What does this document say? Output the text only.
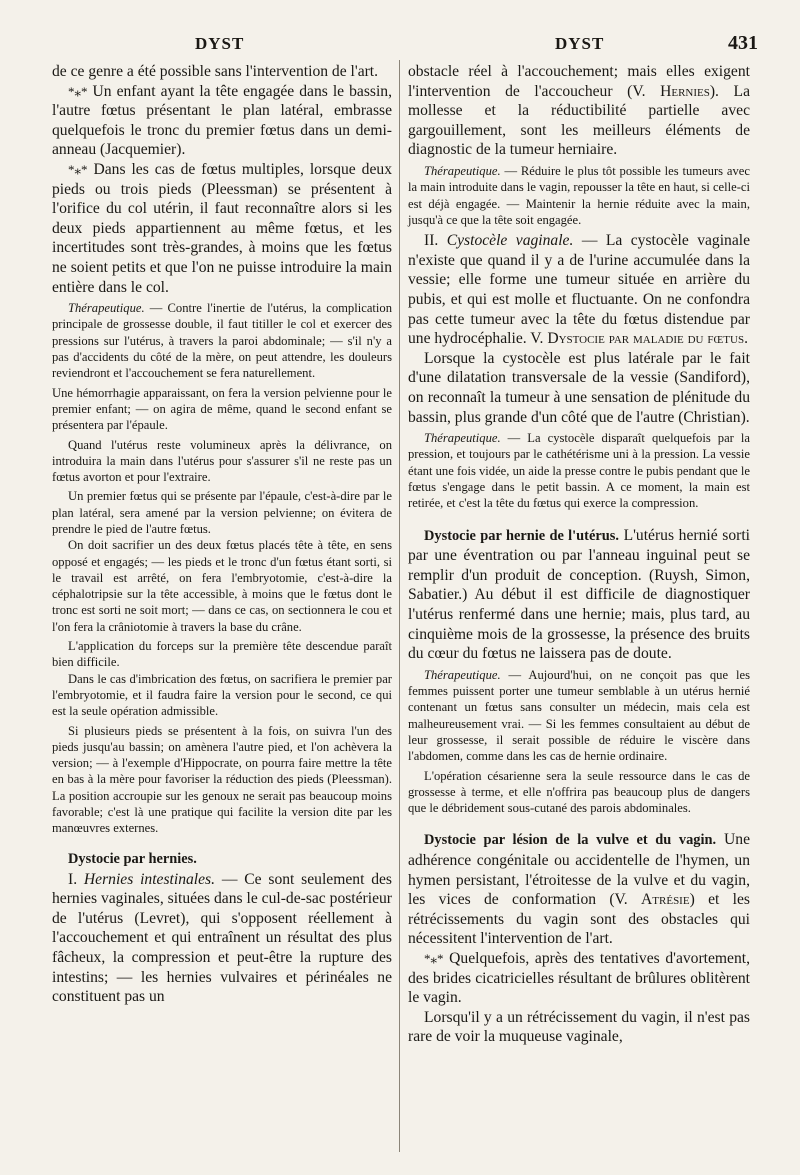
DYST	DYST	431

de ce genre a été possible sans l'intervention de l'art.

*⁎* Un enfant ayant la tête engagée dans le bassin, l'autre fœtus présentant le plan latéral, embrasse quelquefois le tronc du premier fœtus dans un demi-anneau (Jacquemier).

*⁎* Dans les cas de fœtus multiples, lorsque deux pieds ou trois pieds (Pleessman) se présentent à l'orifice du col utérin, il faut reconnaître alors si les deux pieds appartiennent au même fœtus, et les incertitudes sont très-grandes, à moins que les fœtus ne soient petits et que l'on ne puisse introduire la main entière dans le col.

Thérapeutique. — Contre l'inertie de l'utérus, la complication principale de grossesse double, il faut titiller le col et exercer des pressions sur l'utérus, à travers la paroi abdominale; — s'il n'y a pas d'accidents du côté de la mère, on peut attendre, les douleurs reviendront et l'accouchement se fera naturellement.

Une hémorrhagie apparaissant, on fera la version pelvienne pour le premier enfant; — on agira de même, quand le second enfant se présentera par l'épaule.

Quand l'utérus reste volumineux après la délivrance, on introduira la main dans l'utérus pour s'assurer s'il ne reste pas un fœtus avorton et pour l'extraire.

Un premier fœtus qui se présente par l'épaule, c'est-à-dire par le plan latéral, sera amené par la version pelvienne; on évitera de prendre le pied de l'autre fœtus.

On doit sacrifier un des deux fœtus placés tête à tête, en sens opposé et engagés; — les pieds et le tronc d'un fœtus étant sorti, si le travail est arrêté, on fera l'embryotomie, c'est-à-dire la céphalotripsie sur la tête accessible, à moins que le fœtus dont le tronc est sorti ne soit mort; — dans ce cas, on sectionnera le cou et l'on fera la crâniotomie à travers la base du crâne.

L'application du forceps sur la première tête descendue paraît bien difficile.

Dans le cas d'imbrication des fœtus, on sacrifiera le premier par l'embryotomie, et il faudra faire la version pour le second, ce qui est la seule opération admissible.

Si plusieurs pieds se présentent à la fois, on suivra l'un des pieds jusqu'au bassin; on amènera l'autre pied, et l'on achèvera la version; — à l'exemple d'Hippocrate, on pourra faire mettre la tête en bas à la mère pour favoriser la réduction des pieds (Pleessman). La position accroupie sur les genoux ne serait pas beaucoup moins favorable; c'est là une pratique qui facilite la version dite par les manœuvres externes.

Dystocie par hernies.

I. Hernies intestinales. — Ce sont seulement des hernies vaginales, situées dans le cul-de-sac postérieur de l'utérus (Levret), qui s'opposent réellement à l'accouchement et qui entraînent un résultat des plus fâcheux, la compression et peut-être la rupture des intestins; — les hernies vulvaires et périnéales ne constituent pas un

obstacle réel à l'accouchement; mais elles exigent l'intervention de l'accoucheur (V. Hernies). La mollesse et la réductibilité partielle avec gargouillement, sont les meilleurs éléments de diagnostic de la tumeur herniaire.

Thérapeutique. — Réduire le plus tôt possible les tumeurs avec la main introduite dans le vagin, repousser la tête en haut, si celle-ci est déjà engagée. — Maintenir la hernie réduite avec la main, jusqu'à ce que la tête soit engagée.

II. Cystocèle vaginale. — La cystocèle vaginale n'existe que quand il y a de l'urine accumulée dans la vessie; elle forme une tumeur située en arrière du pubis, et qui est molle et fluctuante. On ne confondra pas cette tumeur avec la tête du fœtus distendue par une hydrocéphalie. V. Dystocie par maladie du fœtus.

Lorsque la cystocèle est plus latérale par le fait d'une dilatation transversale de la vessie (Sandiford), on reconnaît la tumeur à une sensation de plénitude du bassin, plus grande d'un côté que de l'autre (Christian).

Thérapeutique. — La cystocèle disparaît quelquefois par la pression, et toujours par le cathétérisme uni à la pression. La vessie étant une fois vidée, un aide la presse contre le pubis pendant que le fœtus s'engage dans le petit bassin. A ce moment, la main est retirée, et c'est la tête du fœtus qui exerce la compression.

Dystocie par hernie de l'utérus. L'utérus hernié sorti par une éventration ou par l'anneau inguinal peut se remplir d'un produit de conception. (Ruysh, Simon, Sabatier.) Au début il est difficile de diagnostiquer l'utérus renfermé dans une hernie; mais, plus tard, au cinquième mois de la grossesse, la présence des bruits du cœur du fœtus ne laissera pas de doute.

Thérapeutique. — Aujourd'hui, on ne conçoit pas que les femmes puissent porter une tumeur semblable à un utérus hernié contenant un fœtus sans consulter un médecin, mais cela est malheureusement vrai. — Si les femmes consultaient au début de leur grossesse, il serait possible de réduire le viscère dans l'abdomen, comme dans les cas de hernie ordinaire.

L'opération césarienne sera la seule ressource dans le cas de grossesse à terme, et elle n'offrira pas beaucoup plus de dangers que le débridement sous-cutané des parois abdominales.

Dystocie par lésion de la vulve et du vagin. Une adhérence congénitale ou accidentelle de l'hymen, un hymen persistant, l'étroitesse de la vulve et du vagin, les vices de conformation (V. Atrésie) et les rétrécissements du vagin sont des obstacles qui nécessitent l'intervention de l'art.

*⁎* Quelquefois, après des tentatives d'avortement, des brides cicatricielles résultant de brûlures oblitèrent le vagin.

Lorsqu'il y a un rétrécissement du vagin, il n'est pas rare de voir la muqueuse vaginale,
